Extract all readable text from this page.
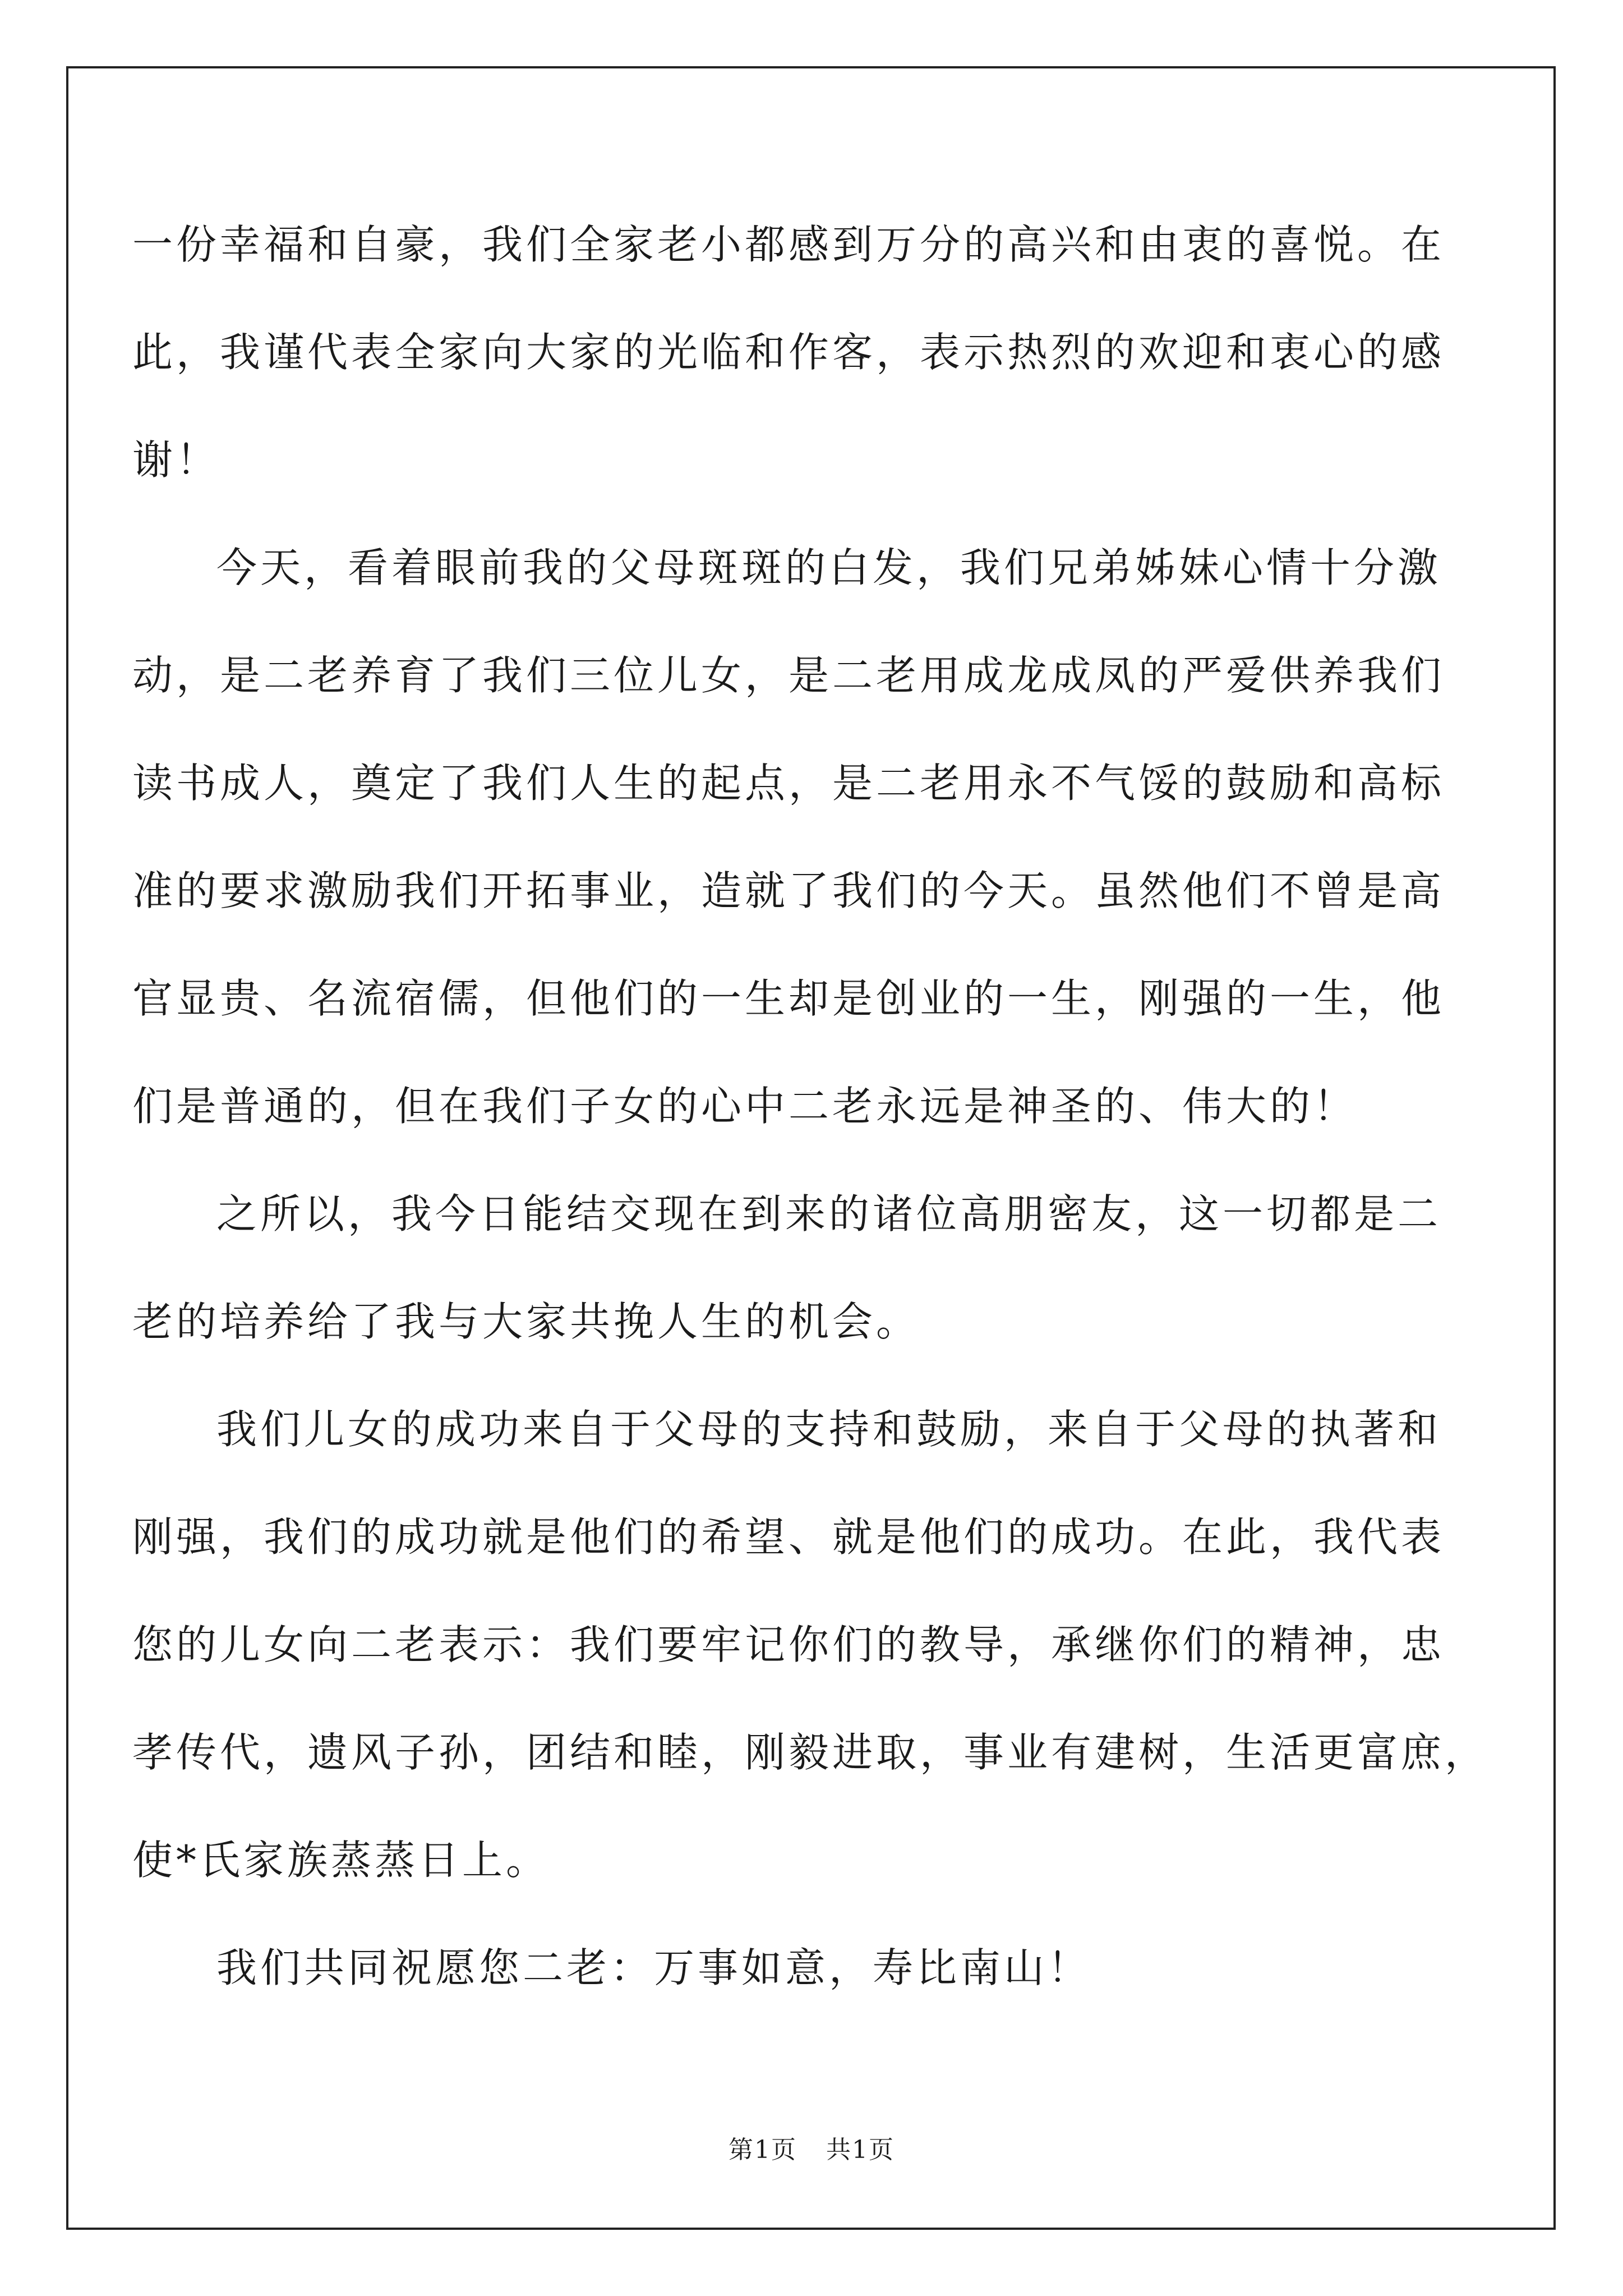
一份幸福和自豪，我们全家老小都感到万分的高兴和由衷的喜悦。在
此，我谨代表全家向大家的光临和作客，表示热烈的欢迎和衷心的感
谢！
今天，看着眼前我的父母斑斑的白发，我们兄弟姊妹心情十分激
动，是二老养育了我们三位儿女，是二老用成龙成凤的严爱供养我们
读书成人，奠定了我们人生的起点，是二老用永不气馁的鼓励和高标
准的要求激励我们开拓事业，造就了我们的今天。虽然他们不曾是高
官显贵、名流宿儒，但他们的一生却是创业的一生，刚强的一生，他
们是普通的，但在我们子女的心中二老永远是神圣的、伟大的！
之所以，我今日能结交现在到来的诸位高朋密友，这一切都是二
老的培养给了我与大家共挽人生的机会。
我们儿女的成功来自于父母的支持和鼓励，来自于父母的执著和
刚强，我们的成功就是他们的希望、就是他们的成功。在此，我代表
您的儿女向二老表示：我们要牢记你们的教导，承继你们的精神，忠
孝传代，遗风子孙，团结和睦，刚毅进取，事业有建树，生活更富庶，
使*氏家族蒸蒸日上。
我们共同祝愿您二老：万事如意，寿比南山！
第1页 共1页
